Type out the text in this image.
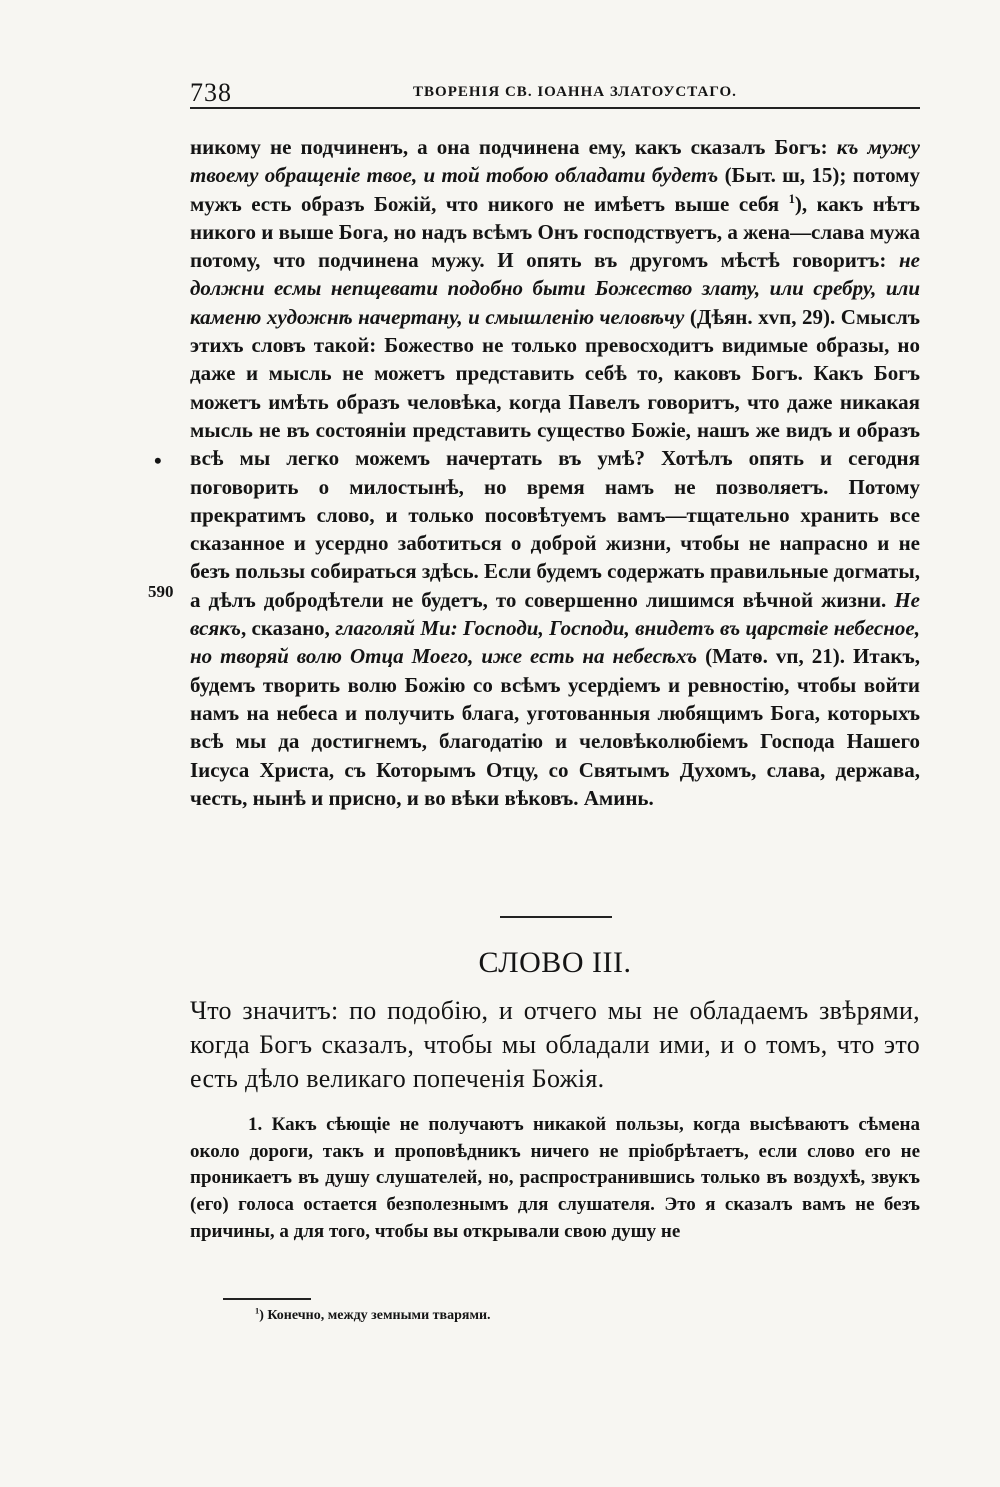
738	ТВОРЕНІЯ СВ. ІОАННА ЗЛАТОУСТАГО.
•
590
никому не подчиненъ, а она подчинена ему, какъ сказалъ Богъ: къ мужу твоему обращеніе твое, и той тобою обладати будетъ (Быт. ш, 15); потому мужъ есть образъ Божій, что никого не имѣетъ выше себя $^1$), какъ нѣтъ никого и выше Бога, но надъ всѣмъ Онъ господствуетъ, а жена—слава мужа потому, что подчинена мужу. И опять въ другомъ мѣстѣ говоритъ: не должни есмы непщевати подобно быти Божество злату, или сребру, или каменю художнѣ начертану, и смышленію человѣчу (Дѣян. хvп, 29). Смыслъ этихъ словъ такой: Божество не только превосходитъ видимые образы, но даже и мысль не можетъ представить себѣ то, каковъ Богъ. Какъ Богъ можетъ имѣть образъ человѣка, когда Павелъ говоритъ, что даже никакая мысль не въ состояніи представить существо Божіе, нашъ же видъ и образъ всѣ мы легко можемъ начертать въ умѣ? Хотѣлъ опять и сегодня поговорить о милостынѣ, но время намъ не позволяетъ. Потому прекратимъ слово, и только посовѣтуемъ вамъ—тщательно хранить все сказанное и усердно заботиться о доброй жизни, чтобы не напрасно и не безъ пользы собираться здѣсь. Если будемъ содержать правильные догматы, а дѣлъ добродѣтели не будетъ, то совершенно лишимся вѣчной жизни. Не всякъ, сказано, глаголяй Ми: Господи, Господи, внидетъ въ царствіе небесное, но творяй волю Отца Моего, иже есть на небесѣхъ (Матѳ. vп, 21). Итакъ, будемъ творить волю Божію со всѣмъ усердіемъ и ревностію, чтобы войти намъ на небеса и получить блага, уготованныя любящимъ Бога, которыхъ всѣ мы да достигнемъ, благодатію и человѣколюбіемъ Господа Нашего Іисуса Христа, съ Которымъ Отцу, со Святымъ Духомъ, слава, держава, честь, нынѣ и присно, и во вѣки вѣковъ. Аминь.
СЛОВО III.
Что значитъ: по подобію, и отчего мы не обладаемъ звѣрями, когда Богъ сказалъ, чтобы мы обладали ими, и о томъ, что это есть дѣло великаго попеченія Божія.
1. Какъ сѣющіе не получаютъ никакой пользы, когда высѣваютъ сѣмена около дороги, такъ и проповѣдникъ ничего не пріобрѣтаетъ, если слово его не проникаетъ въ душу слушателей, но, распространившись только въ воздухѣ, звукъ (его) голоса остается безполезнымъ для слушателя. Это я сказалъ вамъ не безъ причины, а для того, чтобы вы открывали свою душу не
$^1$) Конечно, между земными тварями.
